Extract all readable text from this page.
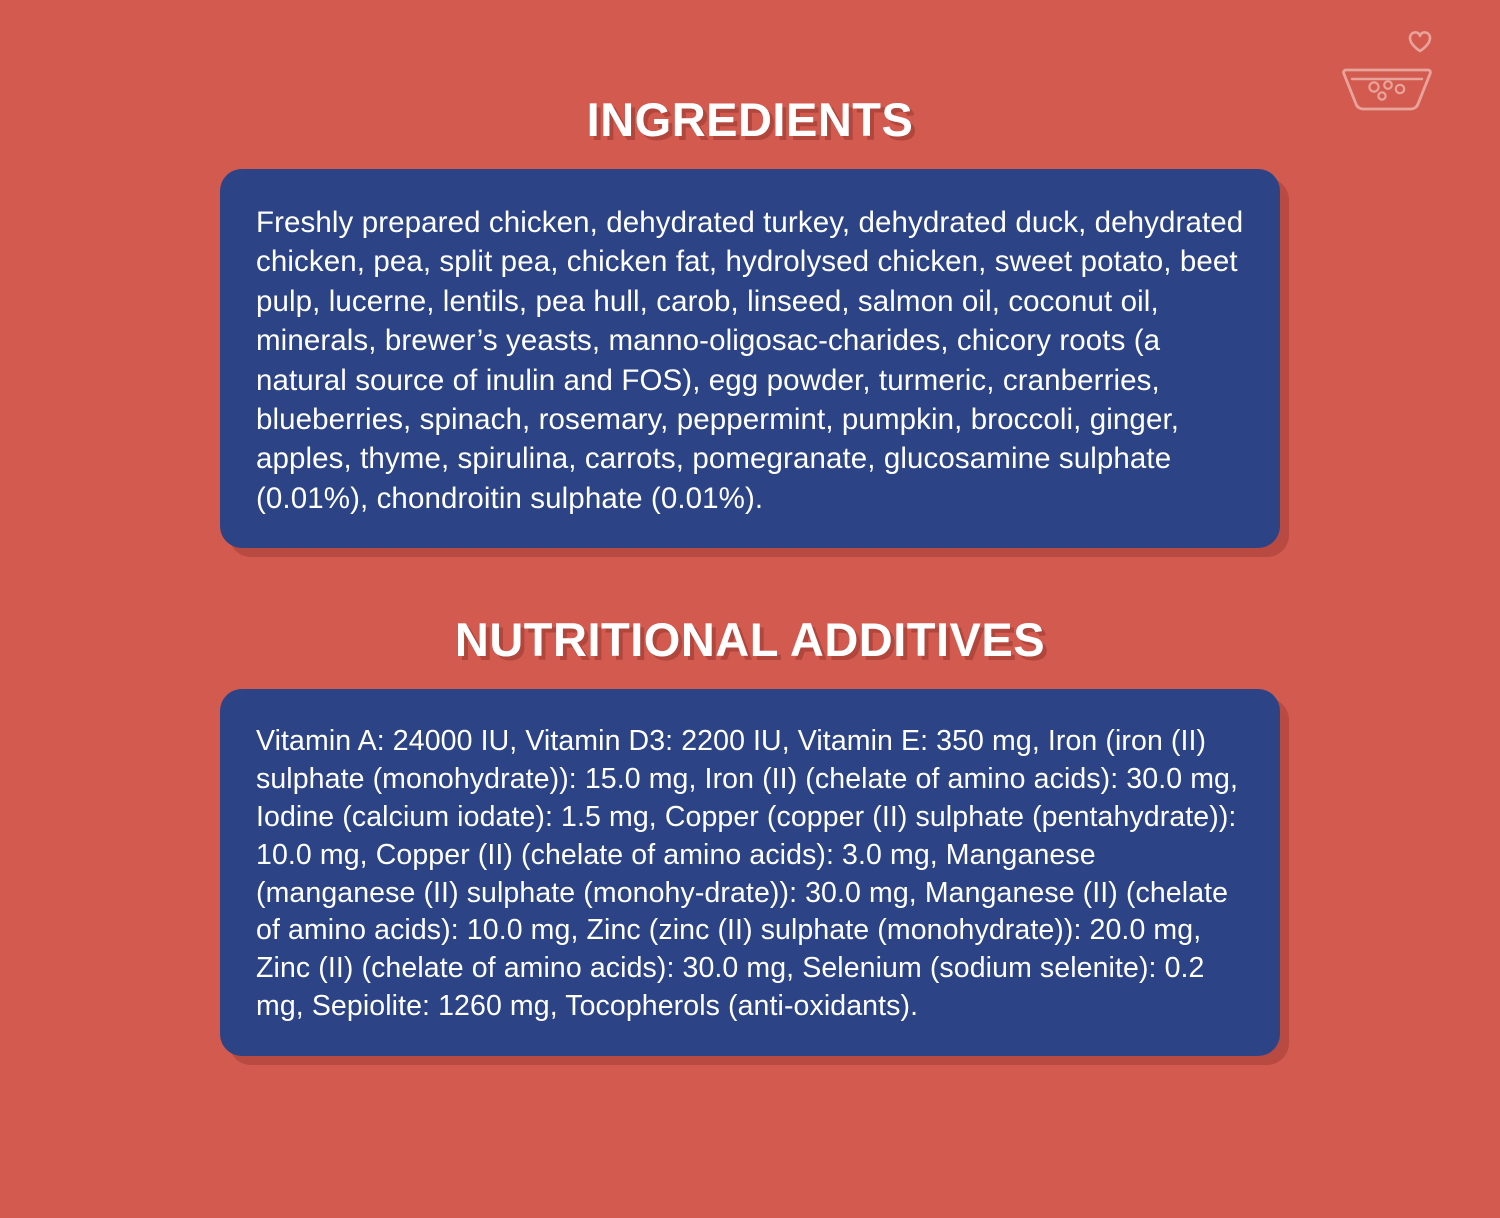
INGREDIENTS

Freshly prepared chicken, dehydrated turkey, dehydrated duck, dehydrated chicken, pea, split pea, chicken fat, hydrolysed chicken, sweet potato, beet pulp, lucerne, lentils, pea hull, carob, linseed, salmon oil, coconut oil, minerals, brewer’s yeasts, manno-oligosac-charides, chicory roots (a natural source of inulin and FOS), egg powder, turmeric, cranberries, blueberries, spinach, rosemary, peppermint, pumpkin, broccoli, ginger, apples, thyme, spirulina, carrots, pomegranate, glucosamine sulphate (0.01%), chondroitin sulphate (0.01%).

NUTRITIONAL ADDITIVES

Vitamin A: 24000 IU, Vitamin D3: 2200 IU, Vitamin E: 350 mg, Iron (iron (II) sulphate (monohydrate)): 15.0 mg, Iron (II) (chelate of amino acids): 30.0 mg, Iodine (calcium iodate): 1.5 mg, Copper (copper (II) sulphate (pentahydrate)): 10.0 mg, Copper (II) (chelate of amino acids): 3.0 mg, Manganese (manganese (II) sulphate (monohy-drate)): 30.0 mg, Manganese (II) (chelate of amino acids): 10.0 mg, Zinc (zinc (II) sulphate (monohydrate)): 20.0 mg, Zinc (II) (chelate of amino acids): 30.0 mg, Selenium (sodium selenite): 0.2 mg, Sepiolite: 1260 mg, Tocopherols (anti-oxidants).
